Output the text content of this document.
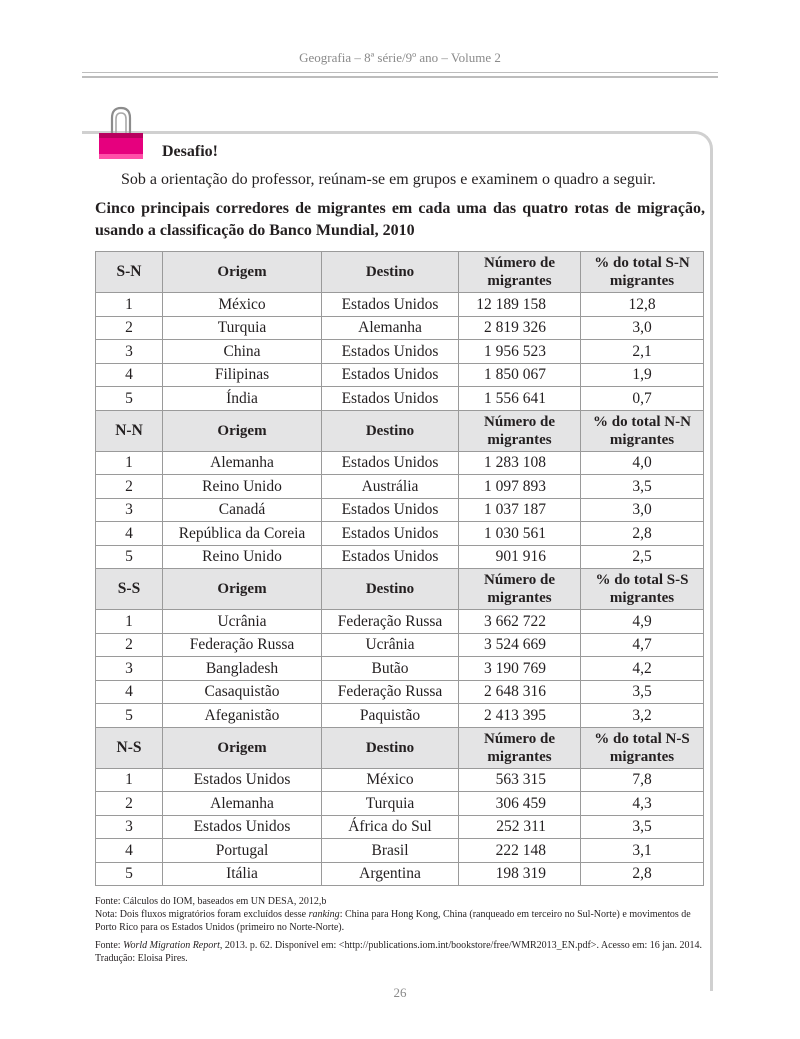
Geografia – 8ª série/9º ano – Volume 2
Desafio!
Sob a orientação do professor, reúnam-se em grupos e examinem o quadro a seguir.
Cinco principais corredores de migrantes em cada uma das quatro rotas de migração, usando a classificação do Banco Mundial, 2010
S-N	Origem	Destino	Número de migrantes	% do total S-N migrantes
1	México	Estados Unidos	12 189 158	12,8
2	Turquia	Alemanha	2 819 326	3,0
3	China	Estados Unidos	1 956 523	2,1
4	Filipinas	Estados Unidos	1 850 067	1,9
5	Índia	Estados Unidos	1 556 641	0,7
N-N	Origem	Destino	Número de migrantes	% do total N-N migrantes
1	Alemanha	Estados Unidos	1 283 108	4,0
2	Reino Unido	Austrália	1 097 893	3,5
3	Canadá	Estados Unidos	1 037 187	3,0
4	República da Coreia	Estados Unidos	1 030 561	2,8
5	Reino Unido	Estados Unidos	901 916	2,5
S-S	Origem	Destino	Número de migrantes	% do total S-S migrantes
1	Ucrânia	Federação Russa	3 662 722	4,9
2	Federação Russa	Ucrânia	3 524 669	4,7
3	Bangladesh	Butão	3 190 769	4,2
4	Casaquistão	Federação Russa	2 648 316	3,5
5	Afeganistão	Paquistão	2 413 395	3,2
N-S	Origem	Destino	Número de migrantes	% do total N-S migrantes
1	Estados Unidos	México	563 315	7,8
2	Alemanha	Turquia	306 459	4,3
3	Estados Unidos	África do Sul	252 311	3,5
4	Portugal	Brasil	222 148	3,1
5	Itália	Argentina	198 319	2,8

Fonte: Cálculos do IOM, baseados em UN DESA, 2012,b

Nota: Dois fluxos migratórios foram excluídos desse ranking: China para Hong Kong, China (ranqueado em terceiro no Sul-Norte) e movimentos de Porto Rico para os Estados Unidos (primeiro no Norte-Norte).

Fonte: World Migration Report, 2013. p. 62. Disponível em: <http://publications.iom.int/bookstore/free/WMR2013_EN.pdf>. Acesso em: 16 jan. 2014. Tradução: Eloisa Pires.

26
